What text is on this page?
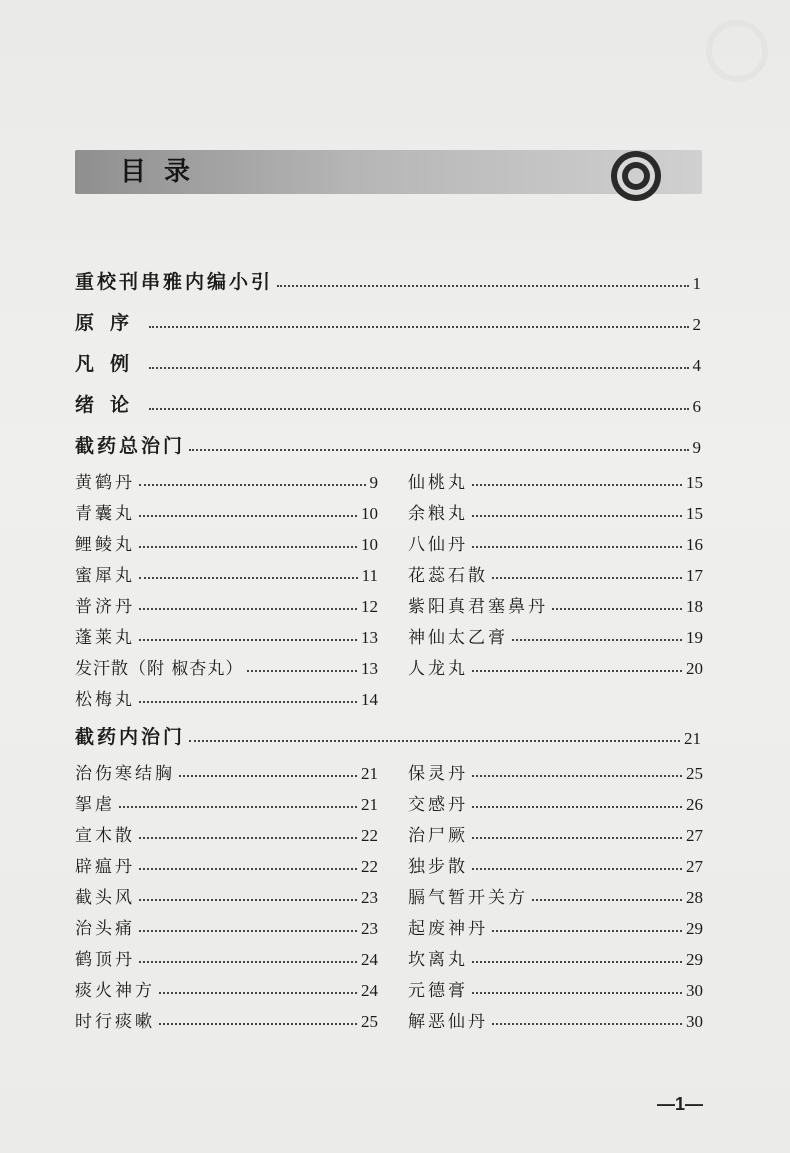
目录
重校刊串雅内编小引	1
原序	2
凡例	4
绪论	6
截药总治门	9
黄鹤丹	9
青囊丸	10
鲤鲮丸	10
蜜犀丸	11
普济丹	12
蓬莱丸	13
发汗散（附 椒杏丸）	13
松梅丸	14
仙桃丸	15
余粮丸	15
八仙丹	16
花蕊石散	17
紫阳真君塞鼻丹	18
神仙太乙膏	19
人龙丸	20
截药内治门	21
治伤寒结胸	21
挐虐	21
宣木散	22
辟瘟丹	22
截头风	23
治头痛	23
鹤顶丹	24
痰火神方	24
时行痰嗽	25
保灵丹	25
交感丹	26
治尸厥	27
独步散	27
膈气暂开关方	28
起废神丹	29
坎离丸	29
元德膏	30
解恶仙丹	30
—1—
